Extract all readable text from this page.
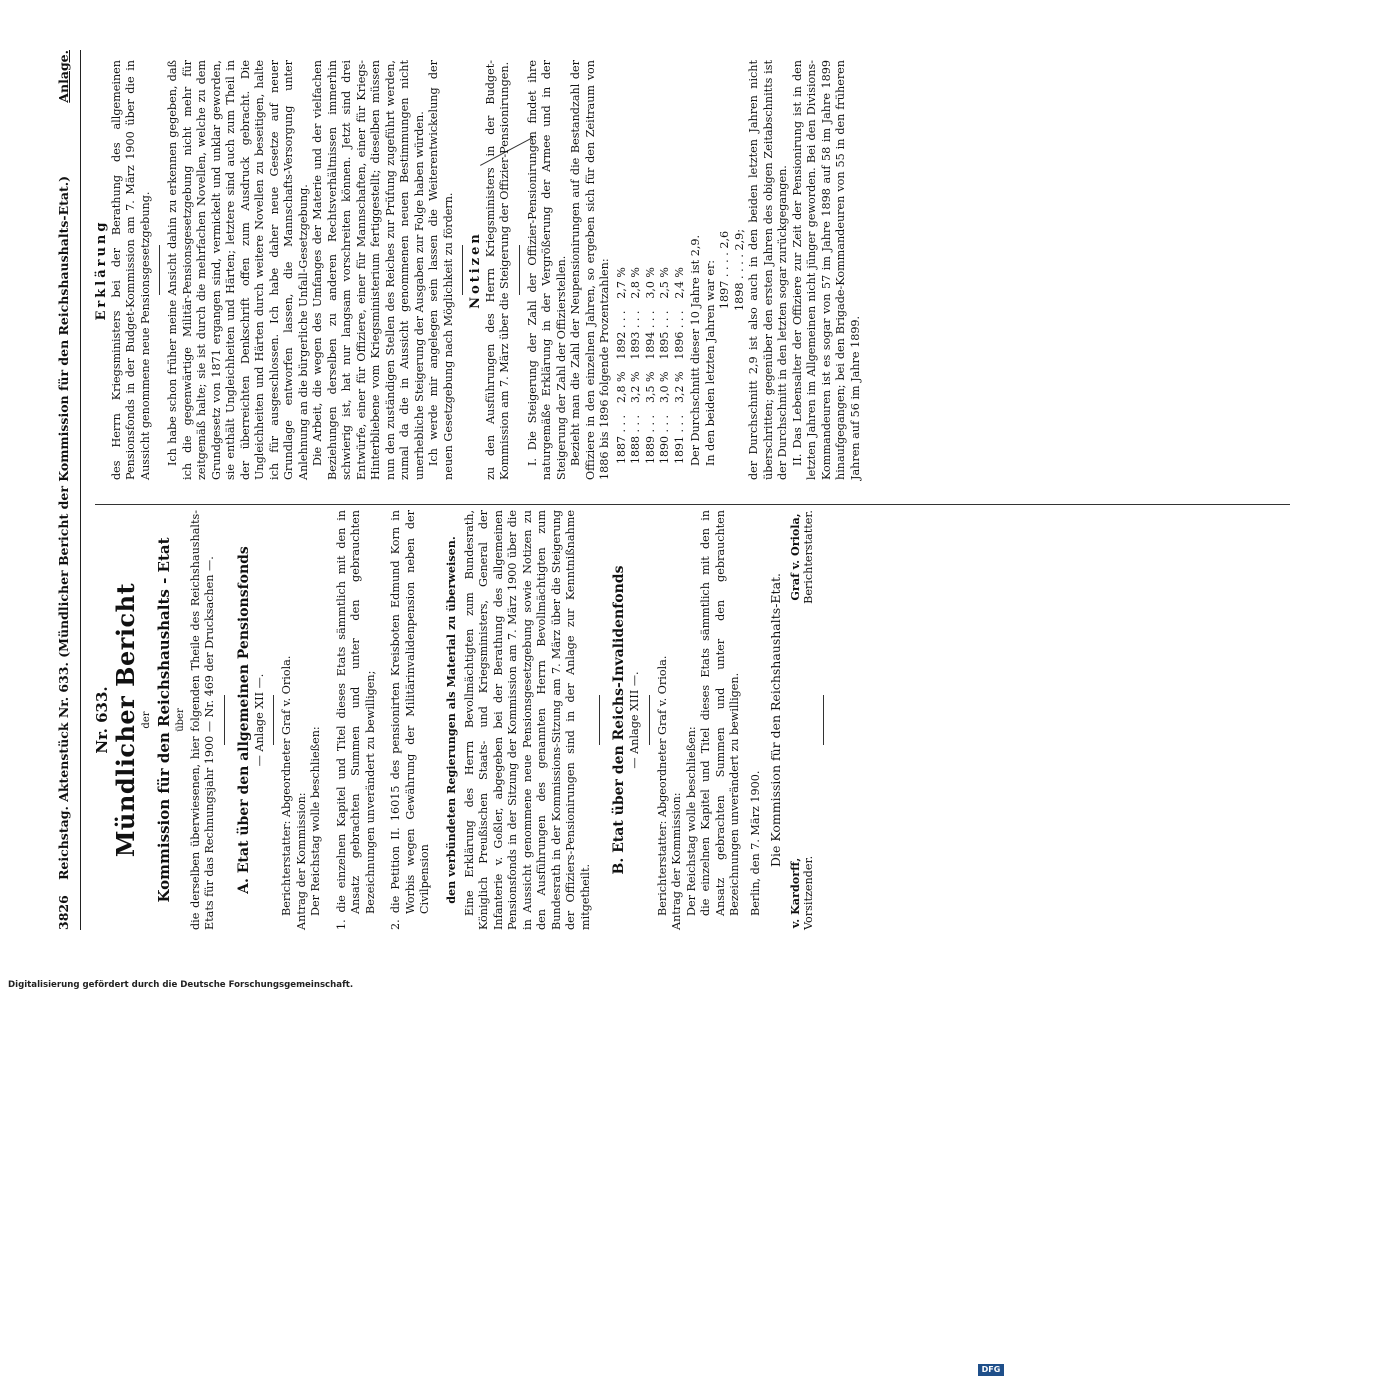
3826
Reichstag. Aktenstück Nr. 633. (Mündlicher Bericht der Kommission für den Reichshaushalts-Etat.)
Anlage.
Nr. 633. Mündlicher Bericht der Kommission für den Reichshaushalts - Etat über die derselben überwiesenen, hier folgenden Theile des Reichshaushalts-Etats für das Rechnungsjahr 1900 — Nr. 469 der Drucksachen —. A. Etat über den allgemeinen Pensionsfonds — Anlage XII —. Berichterstatter: Abgeordneter Graf v. Oriola. Antrag der Kommission: Der Reichstag wolle beschließen: 1. die einzelnen Kapitel und Titel dieses Etats sämmtlich mit den in Ansatz gebrachten Summen und unter den gebrauchten Bezeichnungen unverändert zu bewilligen; 2. die Petition II. 16015 des pensionirten Kreisboten Edmund Korn in Worbis wegen Gewährung der Militärinvalidenpension neben der Civilpension den verbündeten Regierungen als Material zu überweisen. Eine Erklärung des Herrn Bevollmächtigten zum Bundesrath, Königlich Preußischen Staats- und Kriegsministers, General der Infanterie v. Goßler, abgegeben bei der Berathung des allgemeinen Pensionsfonds in der Sitzung der Kommission am 7. März 1900 über die in Aussicht genommene neue Pensionsgesetzgebung sowie Notizen zu den Ausführungen des genannten Herrn Bevollmächtigten zum Bundesrath in der Kommissions-Sitzung am 7. März über die Steigerung der Offiziers-Pensionirungen sind in der Anlage zur Kenntnißnahme mitgetheilt.

B. Etat über den Reichs-Invalidenfonds — Anlage XIII —. Berichterstatter: Abgeordneter Graf v. Oriola. Antrag der Kommission: Der Reichstag wolle beschließen: die einzelnen Kapitel und Titel dieses Etats sämmtlich mit den in Ansatz gebrachten Summen und unter den gebrauchten Bezeichnungen unverändert zu bewilligen. Berlin, den 7. März 1900. Die Kommission für den Reichshaushalts-Etat.

v. Kardorff, Vorsitzender.
Graf v. Oriola, Berichterstatter.
Erklärung des Herrn Kriegsministers bei der Berathung des allgemeinen Pensionsfonds in der Budget-Kommission am 7. März 1900 über die in Aussicht genommene neue Pensionsgesetzgebung. Ich habe schon früher meine Ansicht dahin zu erkennen gegeben, daß ich die gegenwärtige Militär-Pensionsgesetzgebung nicht mehr für zeitgemäß halte; sie ist durch die mehrfachen Novellen, welche zu dem Grundgesetz von 1871 ergangen sind, vermickelt und unklar geworden, sie enthält Ungleichheiten und Härten; letztere sind auch zum Theil in der überreichten Denkschrift offen zum Ausdruck gebracht. Die Ungleichheiten und Härten durch weitere Novellen zu beseitigen, halte ich für ausgeschlossen. Ich habe daher neue Gesetze auf neuer Grundlage entworfen lassen, die Mannschafts-Versorgung unter Anlehnung an die bürgerliche Unfall-Gesetzgebung. Die Arbeit, die wegen des Umfanges der Materie und der vielfachen Beziehungen derselben zu anderen Rechtsverhältnissen immerhin schwierig ist, hat nur langsam vorschreiten können. Jetzt sind drei Entwürfe, einer für Offiziere, einer für Mannschaften, einer für Kriegs-Hinterbliebene vom Kriegsministerium fertiggestellt; dieselben müssen nun den zuständigen Stellen des Reiches zur Prüfung zugeführt werden, zumal da die in Aussicht genommenen neuen Bestimmungen nicht unerhebliche Steigerung der Ausgaben zur Folge haben würden. Ich werde mir angelegen sein lassen die Weiterentwickelung der neuen Gesetzgebung nach Möglichkeit zu fördern. Notizen zu den Ausführungen des Herrn Kriegsministers in der Budget-Kommission am 7. März über die Steigerung der Offizier-Pensionirungen. I. Die Steigerung der Zahl der Offizier-Pensionirungen findet ihre naturgemäße Erklärung in der Vergrößerung der Armee und in der Steigerung der Zahl der Offizierstellen. Bezieht man die Zahl der Neupensionirungen auf die Bestandzahl der Offiziere in den einzelnen Jahren, so ergeben sich für den Zeitraum von 1886 bis 1896 folgende Prozentzahlen: 1887 . . .	2,8 %	1892 . . .	2,7 %
1888 . . .	3,2 %	1893 . . .	2,8 %
1889 . . .	3,5 %	1894 . . .	3,0 %
1890 . . .	3,0 %	1895 . . .	2,5 %
1891 . . .	3,2 %	1896 . . .	2,4 % Der Durchschnitt dieser 10 Jahre ist 2,9. In den beiden letzten Jahren war er: 1897 . . . . 2,6 1898 . . . . 2,9; der Durchschnitt 2,9 ist also auch in den beiden letzten Jahren nicht überschritten; gegenüber den ersten Jahren des obigen Zeitabschnitts ist der Durchschnitt in den letzten sogar zurückgegangen. II. Das Lebensalter der Offiziere zur Zeit der Pensionirung ist in den letzten Jahren im Allgemeinen nicht jünger geworden. Bei den Divisions-Kommandeuren ist es sogar von 57 im Jahre 1898 auf 58 im Jahre 1899 hinaufgegangen; bei den Brigade-Kommandeuren von 55 in den früheren Jahren auf 56 im Jahre 1899.

Digitalisierung gefördert durch die Deutsche Forschungsgemeinschaft.
DFG
